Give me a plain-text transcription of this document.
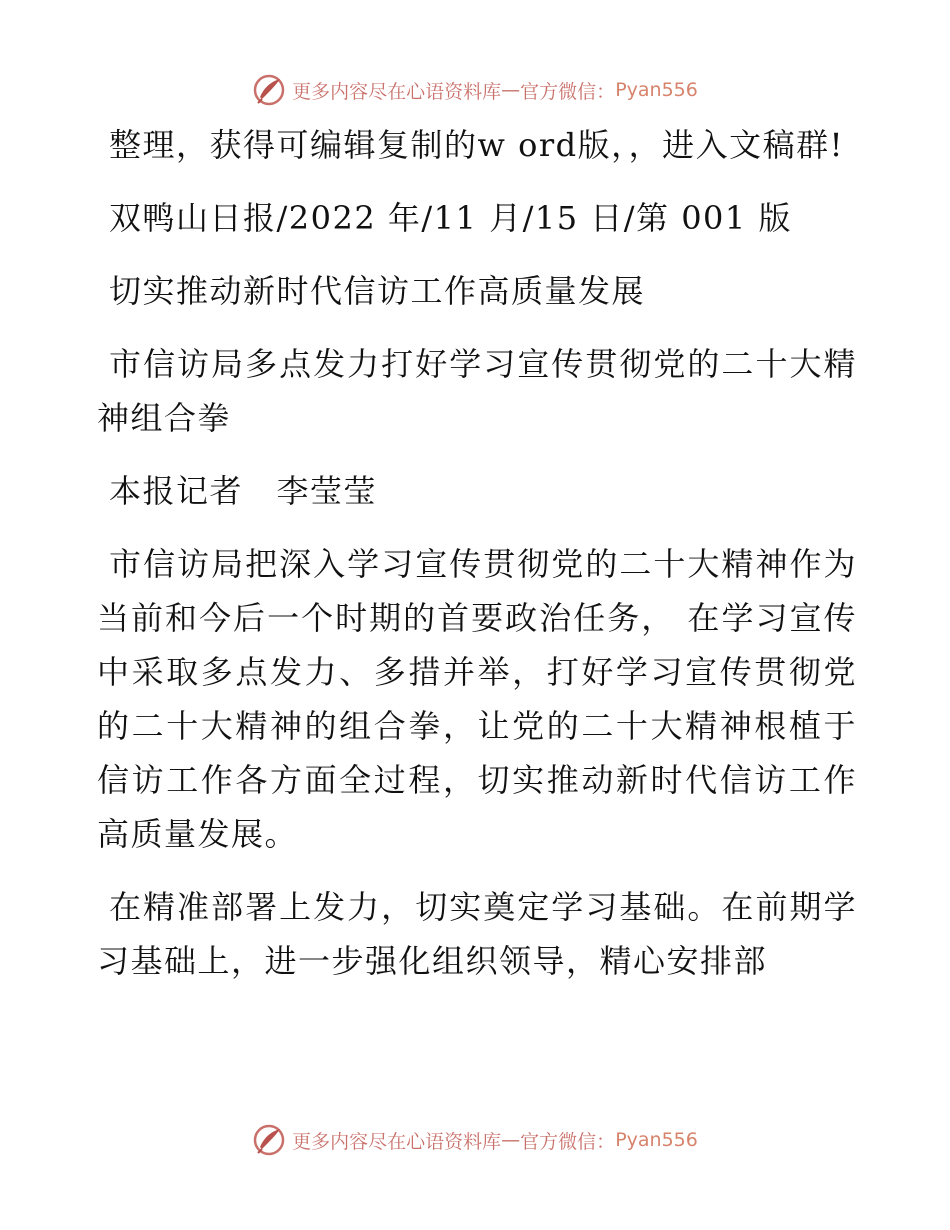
更多内容尽在心语资料库 — 官方微信： Pyan556

整理，获得可编辑复制的w ord版，，进入文稿群!

双鸭山日报/2022 年/11 月/15 日/第 001 版

切实推动新时代信访工作高质量发展

市信访局多点发力打好学习宣传贯彻党的二十大精神组合拳

本报记者　李莹莹

市信访局把深入学习宣传贯彻党的二十大精神作为当前和今后一个时期的首要政治任务， 在学习宣传中采取多点发力、多措并举，打好学习宣传贯彻党的二十大精神的组合拳，让党的二十大精神根植于信访工作各方面全过程，切实推动新时代信访工作高质量发展。

在精准部署上发力，切实奠定学习基础。在前期学习基础上，进一步强化组织领导，精心安排部

更多内容尽在心语资料库 — 官方微信： Pyan556
